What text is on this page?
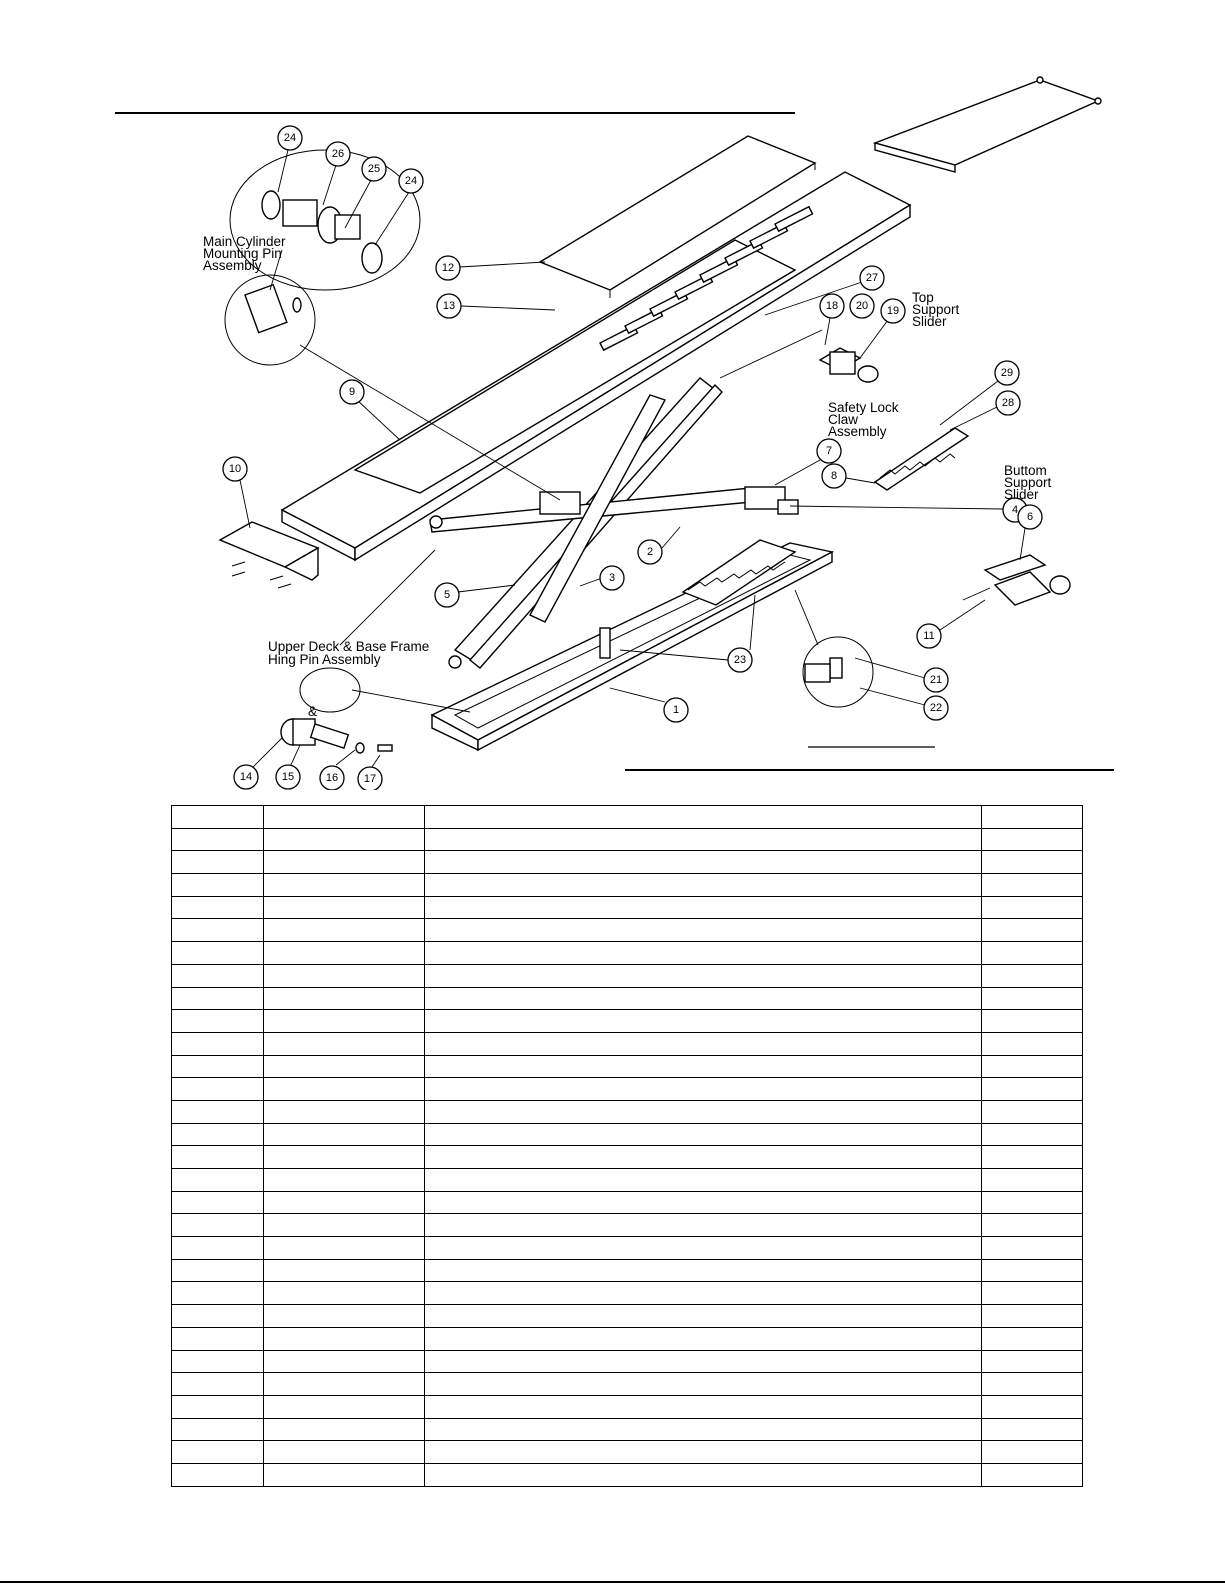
1
2
3
4
5
6
7
8
9
10
11
12
13
14	15	16 17
18	19
20
21
22
23
24
24
25
26
27
28
29
Main Cylinder
Mounting Pin
Assembly
Top
Support
Slider
Safety Lock
Claw
Assembly
Buttom
Support
Slider
Upper Deck & Base Frame
Hing Pin Assembly
&
